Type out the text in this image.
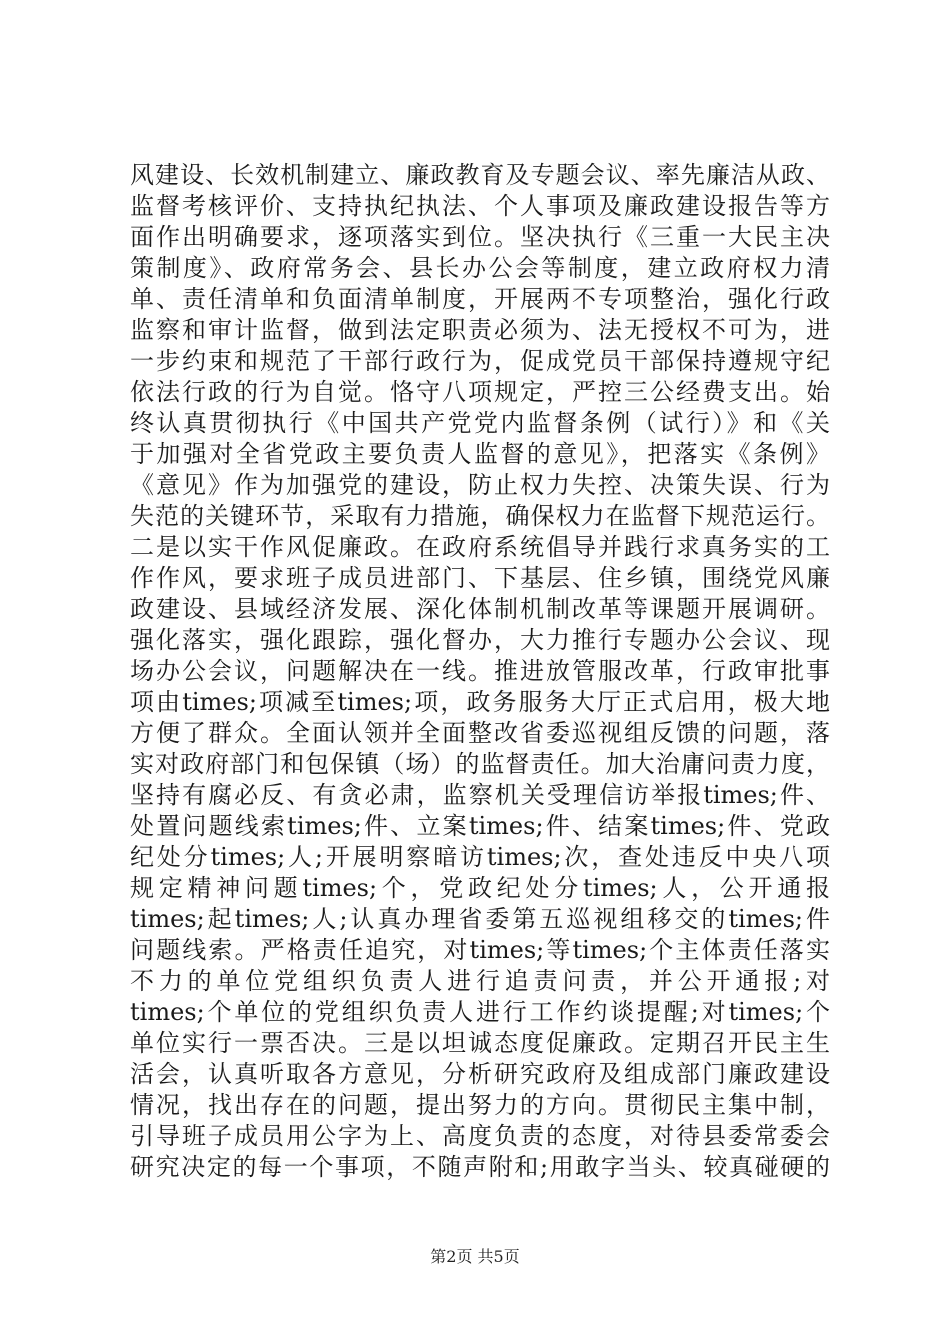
风建设、长效机制建立、廉政教育及专题会议、率先廉洁从政、
监督考核评价、支持执纪执法、个人事项及廉政建设报告等方
面作出明确要求，逐项落实到位。坚决执行《三重一大民主决
策制度》、政府常务会、县长办公会等制度，建立政府权力清
单、责任清单和负面清单制度，开展两不专项整治，强化行政
监察和审计监督，做到法定职责必须为、法无授权不可为，进
一步约束和规范了干部行政行为，促成党员干部保持遵规守纪
依法行政的行为自觉。恪守八项规定，严控三公经费支出。始
终认真贯彻执行《中国共产党党内监督条例（试行）》和《关
于加强对全省党政主要负责人监督的意见》，把落实《条例》
《意见》作为加强党的建设，防止权力失控、决策失误、行为
失范的关键环节，采取有力措施，确保权力在监督下规范运行。
二是以实干作风促廉政。在政府系统倡导并践行求真务实的工
作作风，要求班子成员进部门、下基层、住乡镇，围绕党风廉
政建设、县域经济发展、深化体制机制改革等课题开展调研。
强化落实，强化跟踪，强化督办，大力推行专题办公会议、现
场办公会议，问题解决在一线。推进放管服改革，行政审批事
项由times;项减至times;项，政务服务大厅正式启用，极大地
方便了群众。全面认领并全面整改省委巡视组反馈的问题，落
实对政府部门和包保镇（场）的监督责任。加大治庸问责力度，
坚持有腐必反、有贪必肃，监察机关受理信访举报times;件、
处置问题线索times;件、立案times;件、结案times;件、党政
纪处分times;人;开展明察暗访times;次，查处违反中央八项
规定精神问题times;个，党政纪处分times;人，公开通报
times;起times;人;认真办理省委第五巡视组移交的times;件
问题线索。严格责任追究，对times;等times;个主体责任落实
不力的单位党组织负责人进行追责问责，并公开通报;对
times;个单位的党组织负责人进行工作约谈提醒;对times;个
单位实行一票否决。三是以坦诚态度促廉政。定期召开民主生
活会，认真听取各方意见，分析研究政府及组成部门廉政建设
情况，找出存在的问题，提出努力的方向。贯彻民主集中制，
引导班子成员用公字为上、高度负责的态度，对待县委常委会
研究决定的每一个事项，不随声附和;用敢字当头、较真碰硬的
第2页 共5页
